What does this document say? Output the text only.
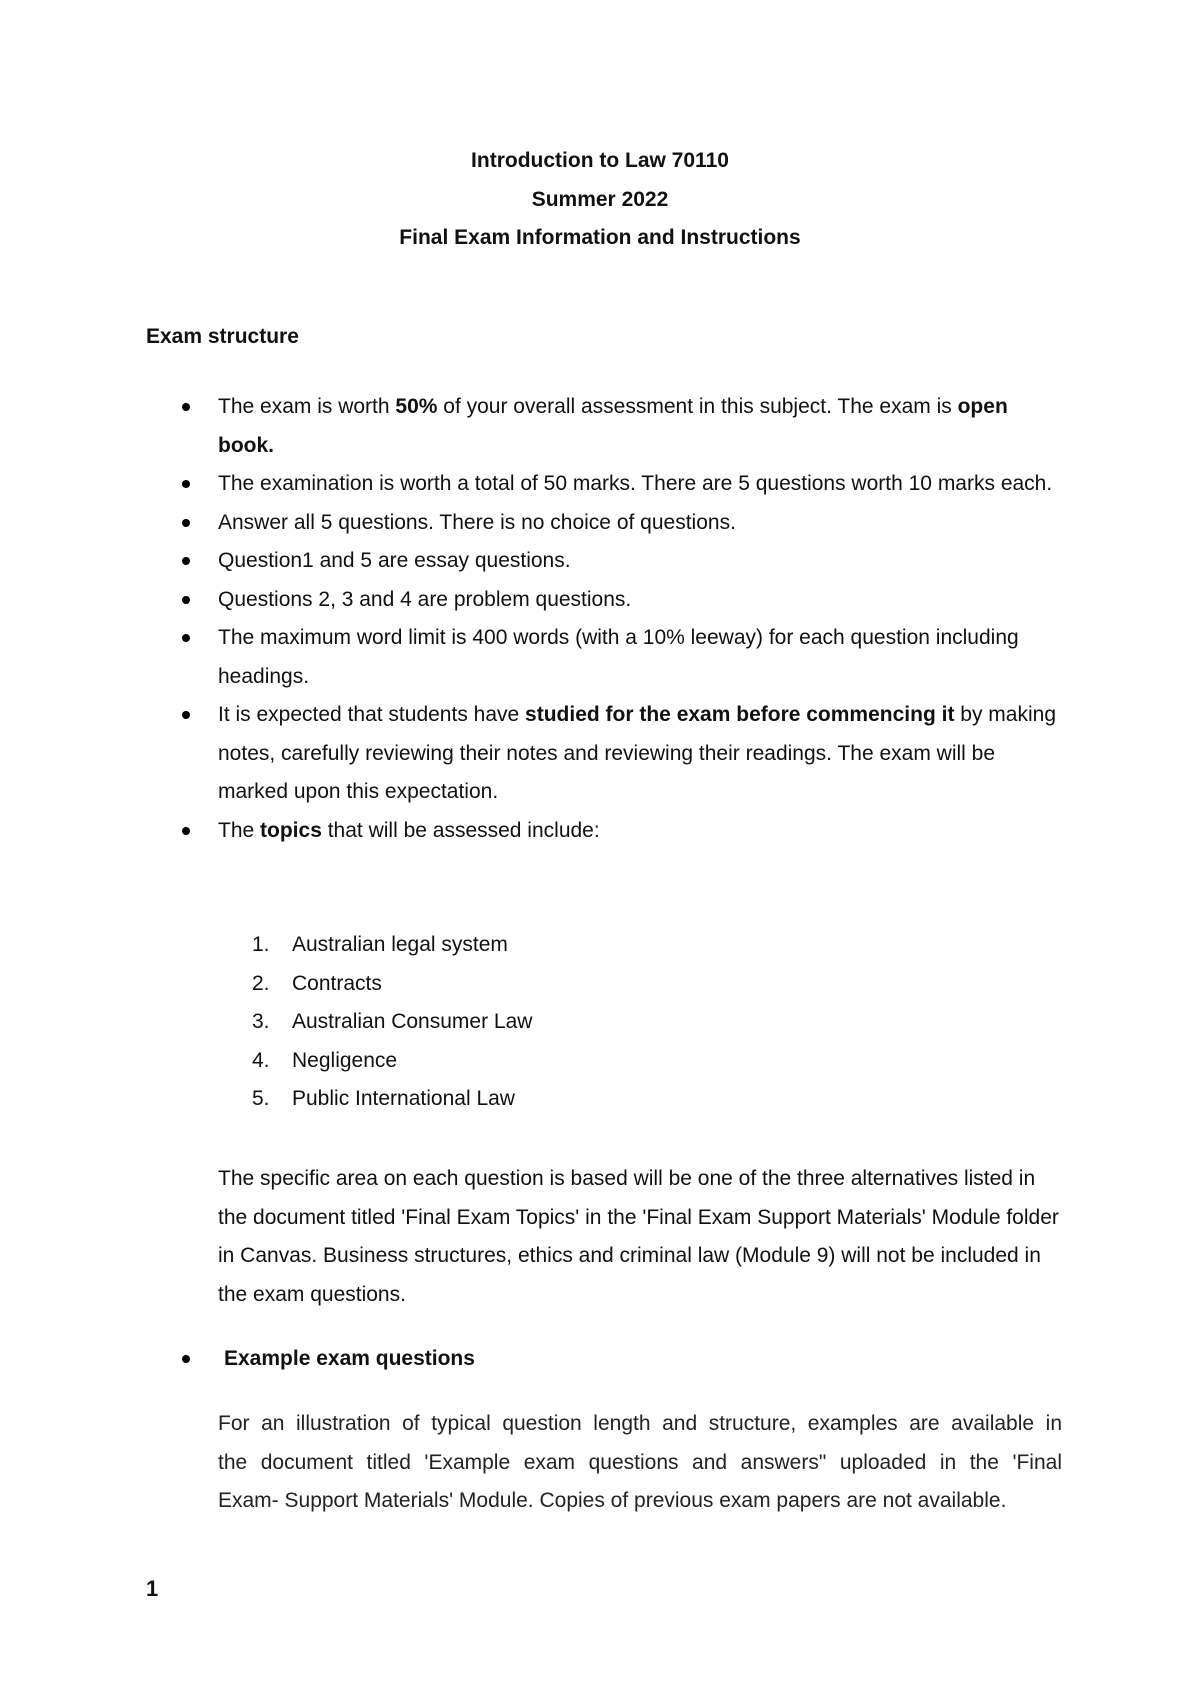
Introduction to Law 70110

Summer 2022

Final Exam Information and Instructions

Exam structure

The exam is worth 50% of your overall assessment in this subject. The exam is open book.
The examination is worth a total of 50 marks. There are 5 questions worth 10 marks each.
Answer all 5 questions. There is no choice of questions.
Question1 and 5 are essay questions.
Questions 2, 3 and 4 are problem questions.
The maximum word limit is 400 words (with a 10% leeway) for each question including headings.
It is expected that students have studied for the exam before commencing it by making notes, carefully reviewing their notes and reviewing their readings. The exam will be marked upon this expectation.
The topics that will be assessed include:
1. Australian legal system
2. Contracts
3. Australian Consumer Law
4. Negligence
5. Public International Law

The specific area on each question is based will be one of the three alternatives listed in the document titled 'Final Exam Topics' in the 'Final Exam Support Materials' Module folder in Canvas. Business structures, ethics and criminal law (Module 9) will not be included in the exam questions.

Example exam questions
For an illustration of typical question length and structure, examples are available in
the document titled 'Example exam questions and answers" uploaded in the 'Final
Exam- Support Materials' Module. Copies of previous exam papers are not available.
1
